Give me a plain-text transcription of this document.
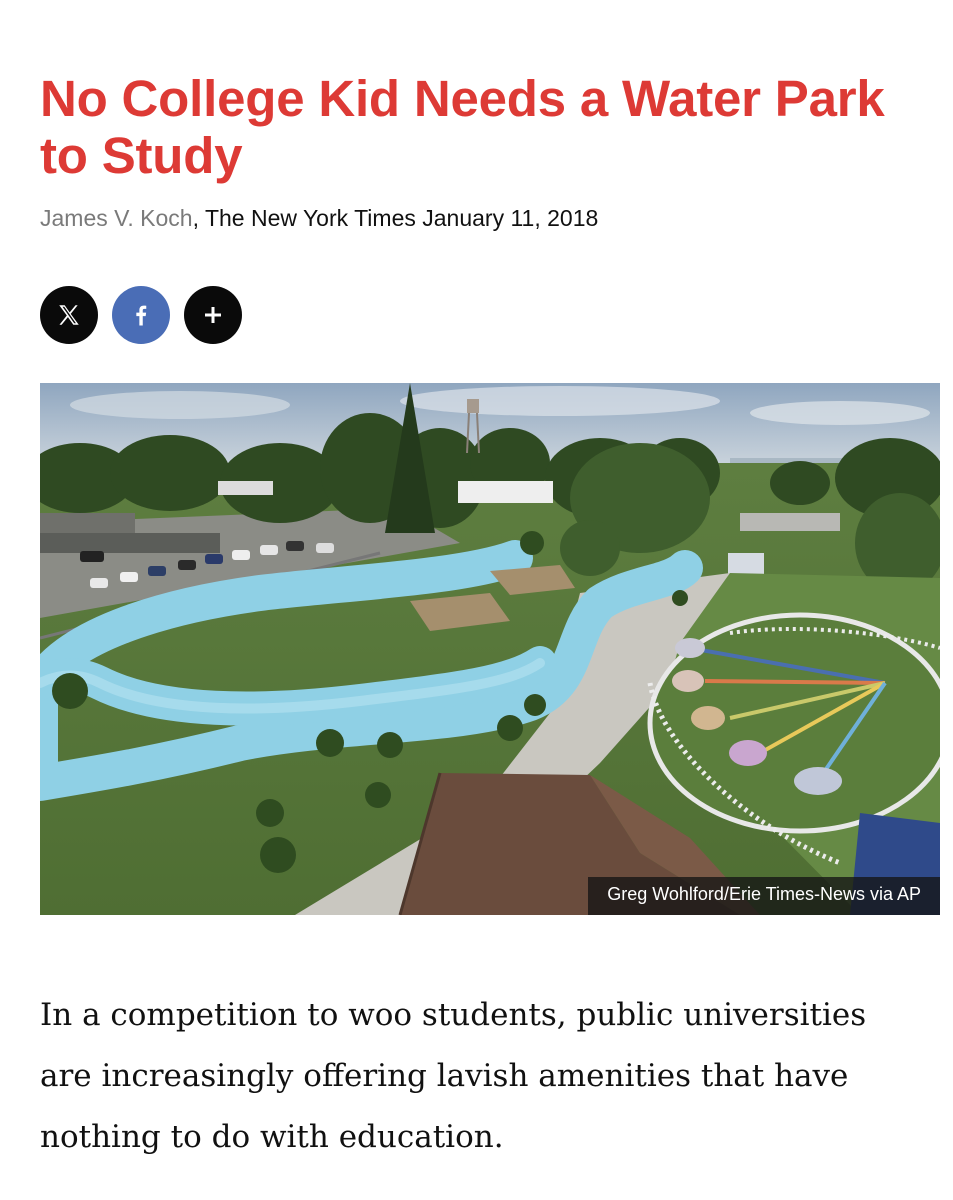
No College Kid Needs a Water Park to Study
James V. Koch, The New York Times January 11, 2018
Greg Wohlford/Erie Times-News via AP

In a competition to woo students, public universities are increasingly offering lavish amenities that have nothing to do with education.
